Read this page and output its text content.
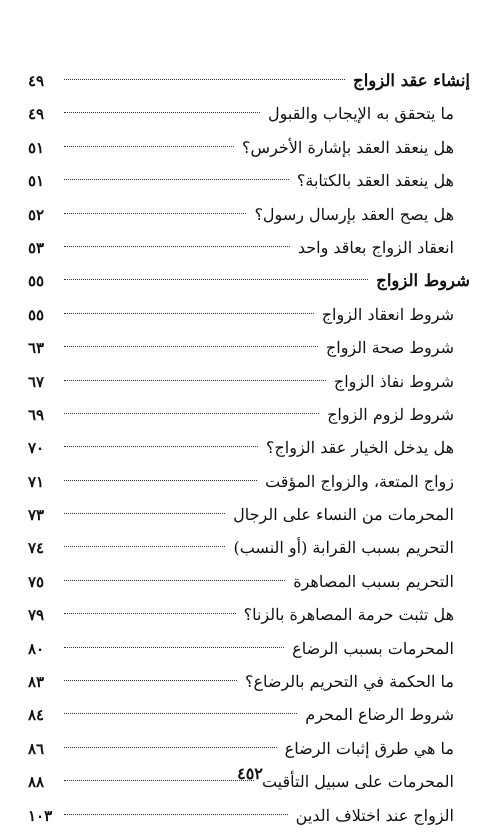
إنشاء عقد الزواج
٤٩
ما يتحقق به الإيجاب والقبول
٤٩
هل ينعقد العقد بإشارة الأخرس؟
٥١
هل ينعقد العقد بالكتابة؟
٥١
هل يصح العقد بإرسال رسول؟
٥٢
انعقاد الزواج بعاقد واحد
٥٣
شروط الزواج
٥٥
شروط انعقاد الزواج
٥٥
شروط صحة الزواج
٦٣
شروط نفاذ الزواج
٦٧
شروط لزوم الزواج
٦٩
هل يدخل الخيار عقد الزواج؟
٧٠
زواج المتعة، والزواج المؤقت
٧١
المحرمات من النساء على الرجال
٧٣
التحريم بسبب القرابة (أو النسب)
٧٤
التحريم بسبب المصاهرة
٧٥
هل تثبت حرمة المصاهرة بالزنا؟
٧٩
المحرمات بسبب الرضاع
٨٠
ما الحكمة في التحريم بالرضاع؟
٨٣
شروط الرضاع المحرم
٨٤
ما هي طرق إثبات الرضاع
٨٦
المحرمات على سبيل التأقيت
٨٨
الزواج عند اختلاف الدين
١٠٣
٤٥٢
